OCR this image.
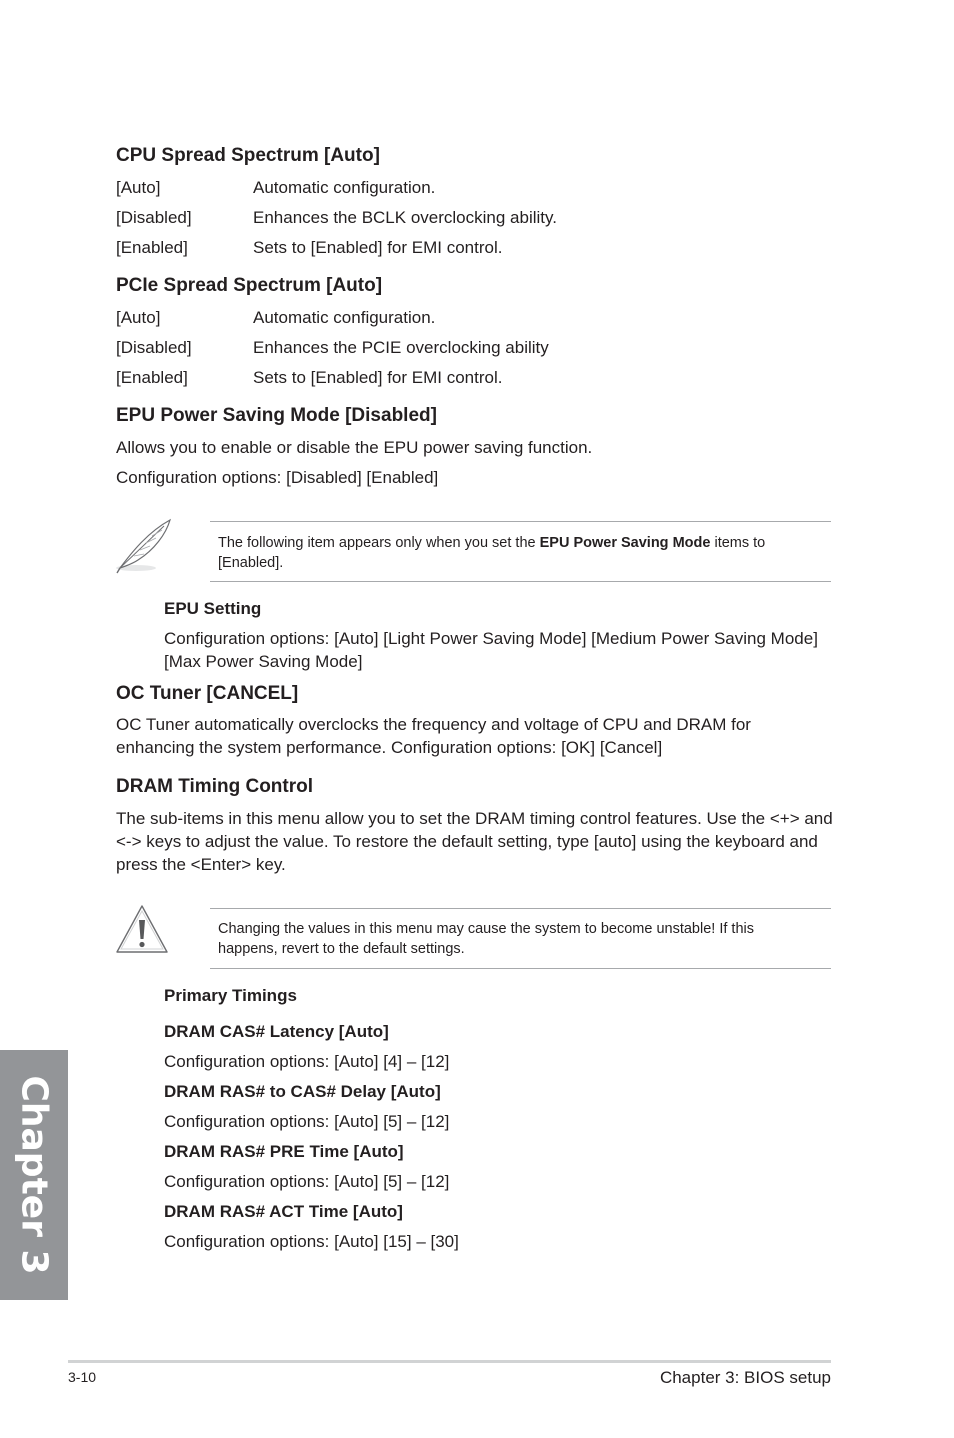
CPU Spread Spectrum [Auto]
[Auto]	Automatic configuration.
[Disabled]	Enhances the BCLK overclocking ability.
[Enabled]	Sets to [Enabled] for EMI control.
PCIe Spread Spectrum [Auto]
[Auto]	Automatic configuration.
[Disabled]	Enhances the PCIE overclocking ability
[Enabled]	Sets to [Enabled] for EMI control.
EPU Power Saving Mode [Disabled]
Allows you to enable or disable the EPU power saving function.
Configuration options: [Disabled] [Enabled]
The following item appears only when you set the EPU Power Saving Mode items to [Enabled].
EPU Setting
Configuration options: [Auto] [Light Power Saving Mode] [Medium Power Saving Mode] [Max Power Saving Mode]
OC Tuner [CANCEL]
OC Tuner automatically overclocks the frequency and voltage of CPU and DRAM for enhancing the system performance. Configuration options: [OK] [Cancel]
DRAM Timing Control
The sub-items in this menu allow you to set the DRAM timing control features. Use the <+> and <-> keys to adjust the value. To restore the default setting, type [auto] using the keyboard and press the <Enter> key.
Changing the values in this menu may cause the system to become unstable! If this happens, revert to the default settings.
Primary Timings
DRAM CAS# Latency [Auto]
Configuration options: [Auto] [4] – [12]
DRAM RAS# to CAS# Delay [Auto]
Configuration options: [Auto] [5] – [12]
DRAM RAS# PRE Time [Auto]
Configuration options: [Auto] [5] – [12]
DRAM RAS# ACT Time [Auto]
Configuration options: [Auto] [15] – [30]
Chapter 3
3-10	Chapter 3: BIOS setup
